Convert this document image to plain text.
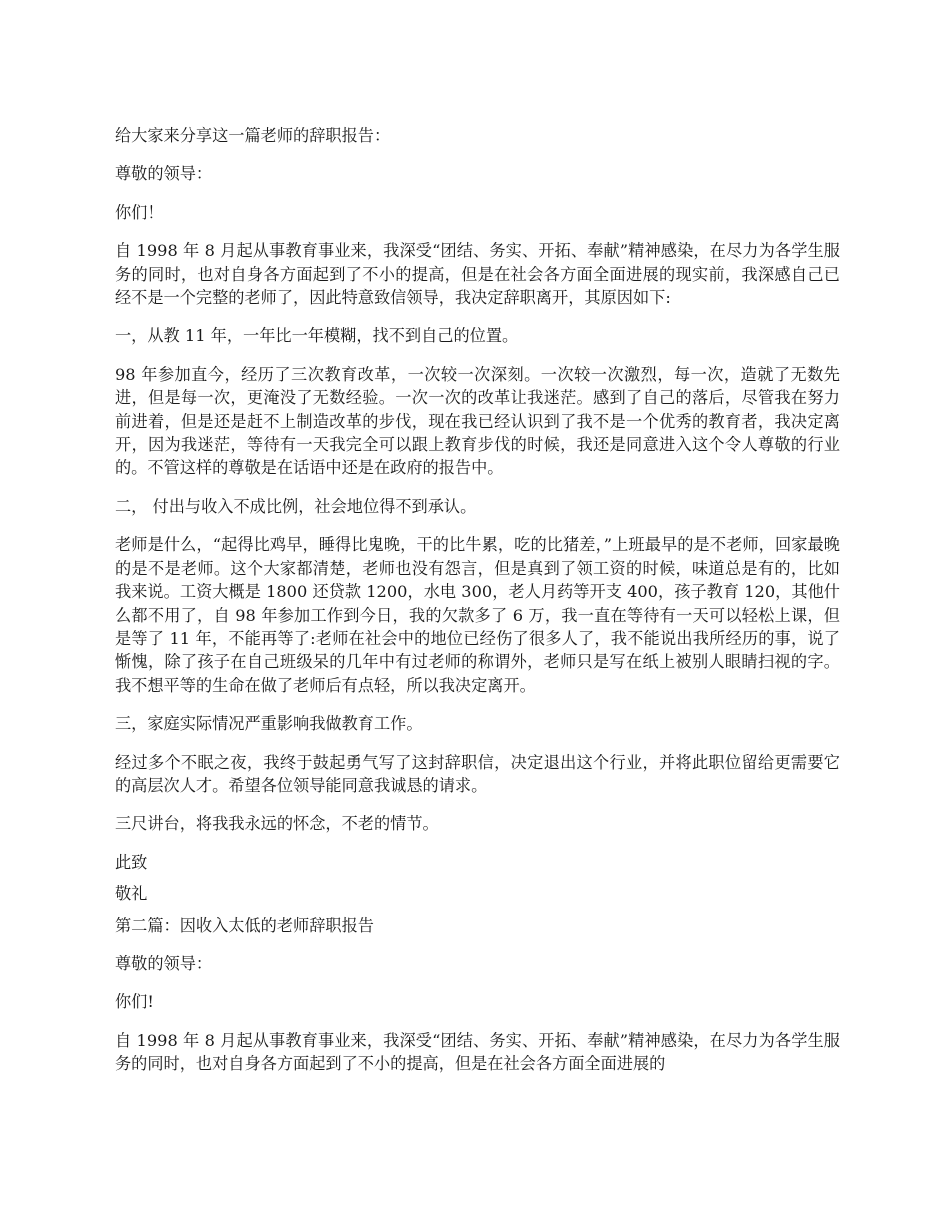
给大家来分享这一篇老师的辞职报告：

尊敬的领导：

你们！

自 1998 年 8 月起从事教育事业来，我深受“团结、务实、开拓、奉献”精神感染，在尽力为各学生服务的同时，也对自身各方面起到了不小的提高，但是在社会各方面全面进展的现实前，我深感自己已经不是一个完整的老师了，因此特意致信领导，我决定辞职离开，其原因如下:

一，从教 11 年，一年比一年模糊，找不到自己的位置。

98 年参加直今，经历了三次教育改革，一次较一次深刻。一次较一次激烈，每一次，造就了无数先进，但是每一次，更淹没了无数经验。一次一次的改革让我迷茫。感到了自己的落后，尽管我在努力前进着，但是还是赶不上制造改革的步伐，现在我已经认识到了我不是一个优秀的教育者，我决定离开，因为我迷茫，等待有一天我完全可以跟上教育步伐的时候，我还是同意进入这个令人尊敬的行业的。不管这样的尊敬是在话语中还是在政府的报告中。

二， 付出与收入不成比例，社会地位得不到承认。

老师是什么，“起得比鸡早，睡得比鬼晚，干的比牛累，吃的比猪差，”上班最早的是不老师，回家最晚的是不是老师。这个大家都清楚，老师也没有怨言，但是真到了领工资的时候，味道总是有的，比如我来说。工资大概是 1800 还贷款 1200，水电 300，老人月药等开支 400，孩子教育 120，其他什么都不用了，自 98 年参加工作到今日，我的欠款多了 6 万，我一直在等待有一天可以轻松上课，但是等了 11 年，不能再等了:老师在社会中的地位已经伤了很多人了，我不能说出我所经历的事，说了惭愧，除了孩子在自己班级呆的几年中有过老师的称谓外，老师只是写在纸上被别人眼睛扫视的字。我不想平等的生命在做了老师后有点轻，所以我决定离开。

三，家庭实际情况严重影响我做教育工作。

经过多个不眠之夜，我终于鼓起勇气写了这封辞职信，决定退出这个行业，并将此职位留给更需要它的高层次人才。希望各位领导能同意我诚恳的请求。

三尺讲台，将我我永远的怀念，不老的情节。

此致

敬礼

第二篇：因收入太低的老师辞职报告

尊敬的领导：

你们!

自 1998 年 8 月起从事教育事业来，我深受“团结、务实、开拓、奉献”精神感染，在尽力为各学生服务的同时，也对自身各方面起到了不小的提高，但是在社会各方面全面进展的
